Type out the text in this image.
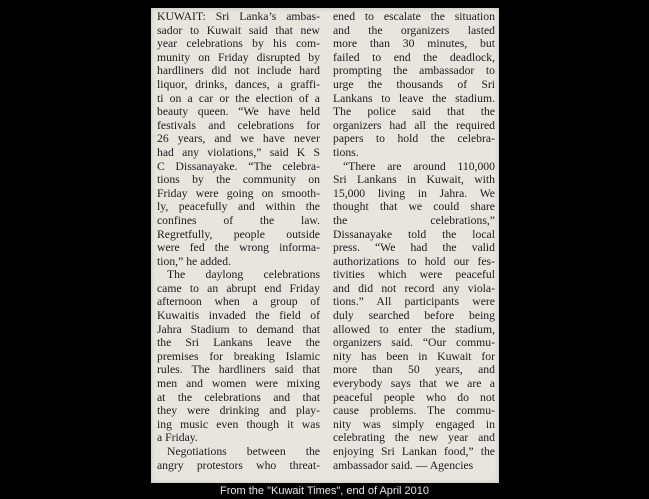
KUWAIT: Sri Lanka’s ambas-
sador to Kuwait said that new
year celebrations by his com-
munity on Friday disrupted by
hardliners did not include hard
liquor, drinks, dances, a graffi-
ti on a car or the election of a
beauty queen. “We have held
festivals and celebrations for
26 years, and we have never
had any violations,” said K S
C Dissanayake. “The celebra-
tions by the community on
Friday were going on smooth-
ly, peacefully and within the
confines of the law.
Regretfully, people outside
were fed the wrong informa-
tion,” he added.
The daylong celebrations
came to an abrupt end Friday
afternoon when a group of
Kuwaitis invaded the field of
Jahra Stadium to demand that
the Sri Lankans leave the
premises for breaking Islamic
rules. The hardliners said that
men and women were mixing
at the celebrations and that
they were drinking and play-
ing music even though it was
a Friday.
Negotiations between the
angry protestors who threat-
ened to escalate the situation
and the organizers lasted
more than 30 minutes, but
failed to end the deadlock,
prompting the ambassador to
urge the thousands of Sri
Lankans to leave the stadium.
The police said that the
organizers had all the required
papers to hold the celebra-
tions.
“There are around 110,000
Sri Lankans in Kuwait, with
15,000 living in Jahra. We
thought that we could share
the celebrations,”
Dissanayake told the local
press. “We had the valid
authorizations to hold our fes-
tivities which were peaceful
and did not record any viola-
tions.” All participants were
duly searched before being
allowed to enter the stadium,
organizers said. “Our commu-
nity has been in Kuwait for
more than 50 years, and
everybody says that we are a
peaceful people who do not
cause problems. The commu-
nity was simply engaged in
celebrating the new year and
enjoying Sri Lankan food,” the
ambassador said. — Agencies
From the "Kuwait Times", end of April 2010
